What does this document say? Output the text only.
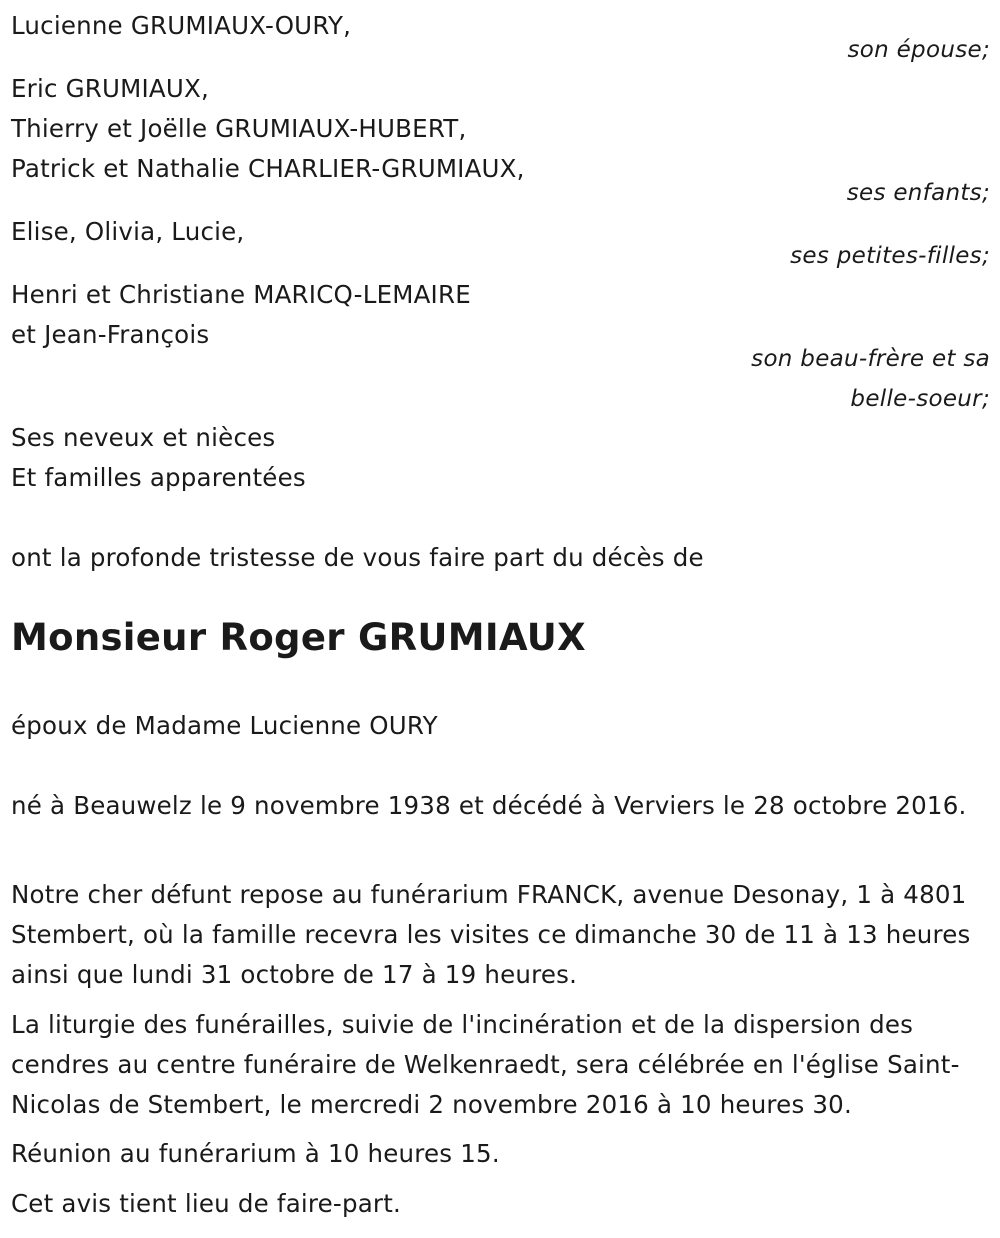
Lucienne GRUMIAUX-OURY,
son épouse;
Eric GRUMIAUX,
Thierry et Joëlle GRUMIAUX-HUBERT,
Patrick et Nathalie CHARLIER-GRUMIAUX,
ses enfants;
Elise, Olivia, Lucie,
ses petites-filles;
Henri et Christiane MARICQ-LEMAIRE
et Jean-François
son beau-frère et sa
belle-soeur;
Ses neveux et nièces
Et familles apparentées
ont la profonde tristesse de vous faire part du décès de
Monsieur Roger GRUMIAUX
époux de Madame Lucienne OURY
né à Beauwelz le 9 novembre 1938 et décédé à Verviers le 28 octobre 2016.
Notre cher défunt repose au funérarium FRANCK, avenue Desonay, 1 à 4801 Stembert, où la famille recevra les visites ce dimanche 30 de 11 à 13 heures ainsi que lundi 31 octobre de 17 à 19 heures.
La liturgie des funérailles, suivie de l'incinération et de la dispersion des cendres au centre funéraire de Welkenraedt, sera célébrée en l'église Saint-Nicolas de Stembert, le mercredi 2 novembre 2016 à 10 heures 30.
Réunion au funérarium à 10 heures 15.
Cet avis tient lieu de faire-part.
